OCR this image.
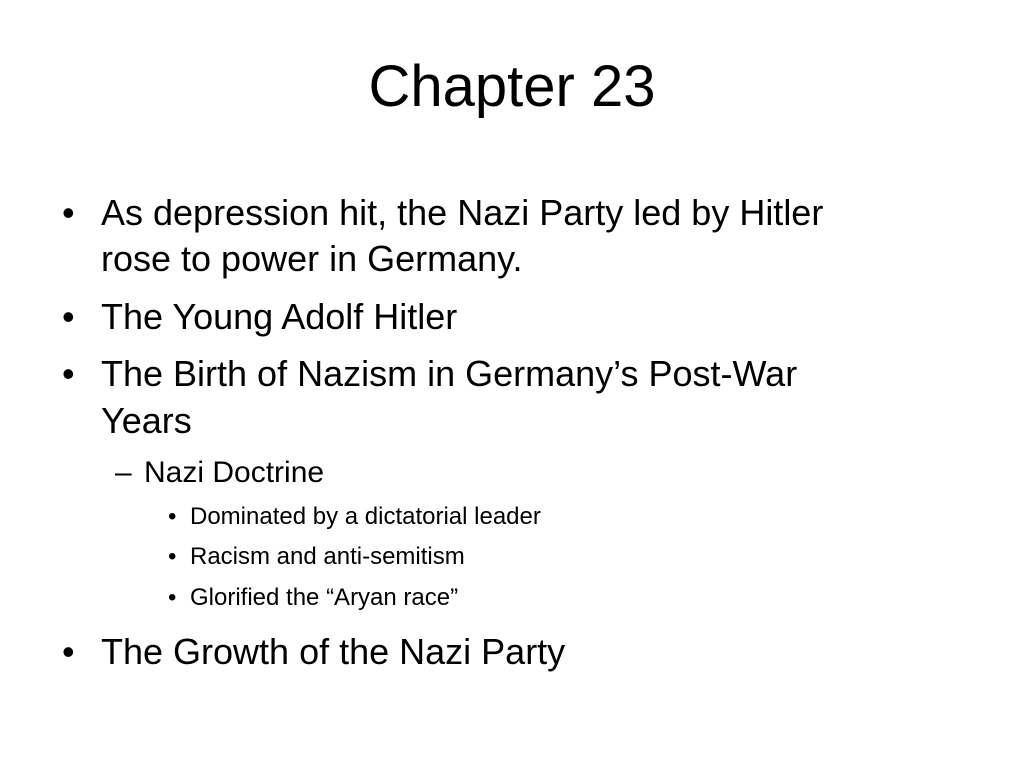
Chapter 23
• As depression hit, the Nazi Party led by Hitler
rose to power in Germany.
• The Young Adolf Hitler
• The Birth of Nazism in Germany’s Post-War
Years
– Nazi Doctrine
• Dominated by a dictatorial leader
• Racism and anti-semitism
• Glorified the “Aryan race”
• The Growth of the Nazi Party
